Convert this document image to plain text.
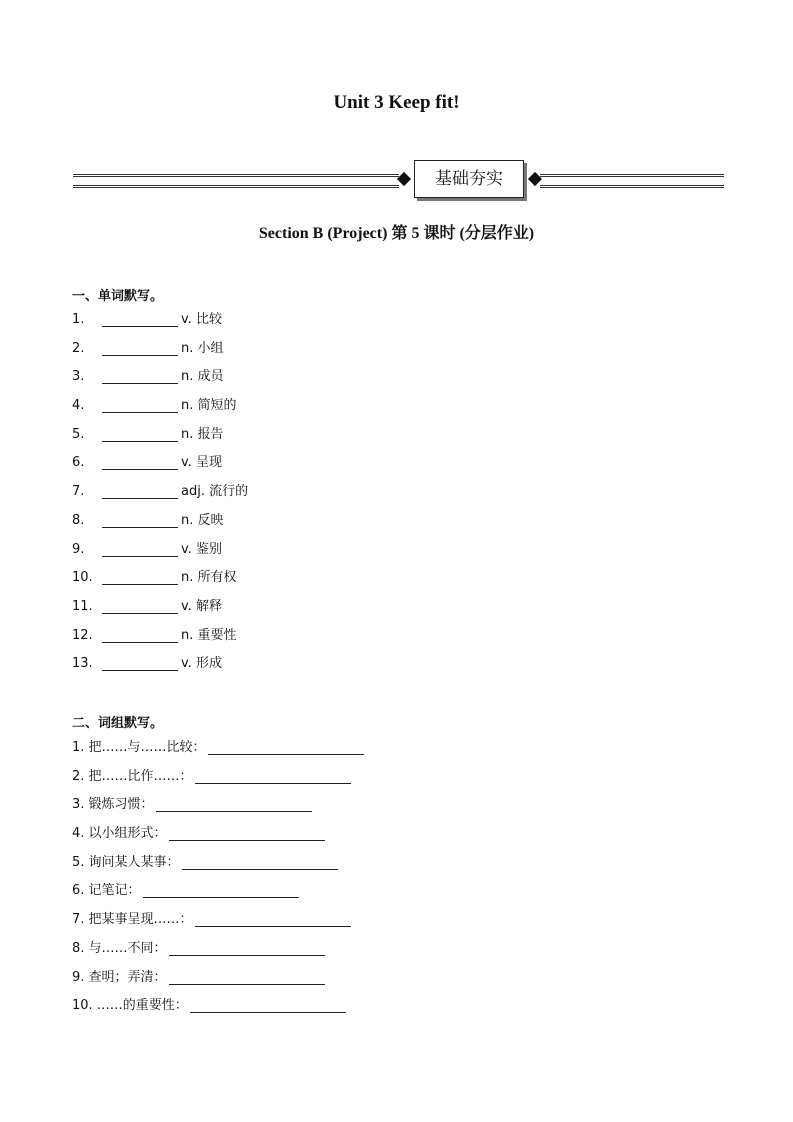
Unit 3 Keep fit!
基础夯实
Section B (Project) 第 5 课时 (分层作业)
一、单词默写。
1.	v. 比较
2.	n. 小组
3.	n. 成员
4.	n. 简短的
5.	n. 报告
6.	v. 呈现
7.	adj. 流行的
8.	n. 反映
9.	v. 鉴别
10.	n. 所有权
11.	v. 解释
12.	n. 重要性
13.	v. 形成
二、词组默写。
1. 把……与……比较：
2. 把……比作……：
3. 锻炼习惯：
4. 以小组形式：
5. 询问某人某事：
6. 记笔记：
7. 把某事呈现……：
8. 与……不同：
9. 查明；弄清：
10. ……的重要性：
